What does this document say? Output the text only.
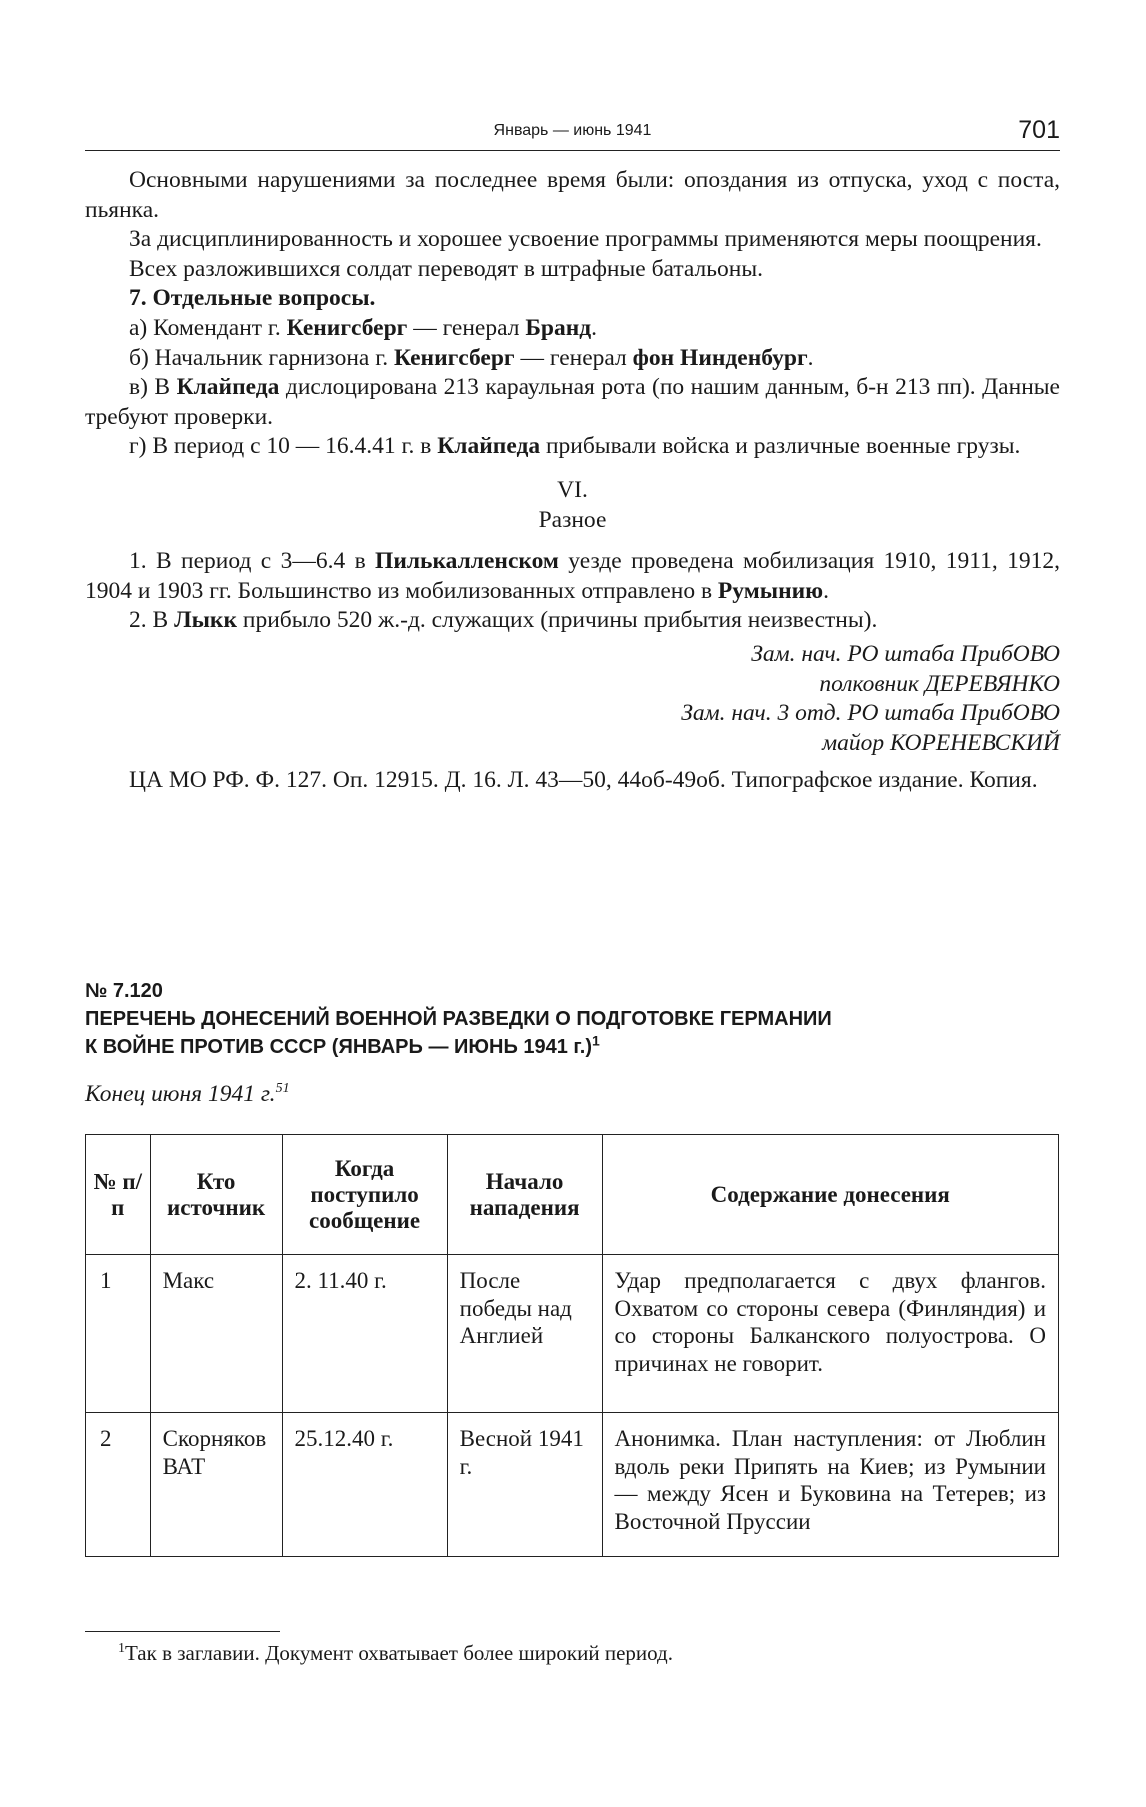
Январь — июнь 1941	701

Основными нарушениями за последнее время были: опоздания из отпуска, уход с поста, пьянка.

За дисциплинированность и хорошее усвоение программы применяются меры поощрения.

Всех разложившихся солдат переводят в штрафные батальоны.

7. Отдельные вопросы.

а) Комендант г. Кенигсберг — генерал Бранд.

б) Начальник гарнизона г. Кенигсберг — генерал фон Нинденбург.

в) В Клайпеда дислоцирована 213 караульная рота (по нашим данным, б-н 213 пп). Данные требуют проверки.

г) В период с 10 — 16.4.41 г. в Клайпеда прибывали войска и различные военные грузы.

VI.

Разное

1. В период с 3—6.4 в Пилькалленском уезде проведена мобилизация 1910, 1911, 1912, 1904 и 1903 гг. Большинство из мобилизованных отправлено в Румынию.

2. В Лыкк прибыло 520 ж.-д. служащих (причины прибытия неизвестны).

Зам. нач. РО штаба ПрибОВО

полковник ДЕРЕВЯНКО

Зам. нач. 3 отд. РО штаба ПрибОВО

майор КОРЕНЕВСКИЙ

ЦА МО РФ. Ф. 127. Оп. 12915. Д. 16. Л. 43—50, 44об-49об. Типографское издание. Копия.

№ 7.120
ПЕРЕЧЕНЬ ДОНЕСЕНИЙ ВОЕННОЙ РАЗВЕДКИ О ПОДГОТОВКЕ ГЕРМАНИИ
К ВОЙНЕ ПРОТИВ СССР (ЯНВАРЬ — ИЮНЬ 1941 г.)$^1$
Конец июня 1941 г.$^{51}$
№ п/п	Кто источник	Когда поступило сообщение	Начало нападения	Содержание донесения
1	Макс	2. 11.40 г.	После победы над Англией	Удар предполагается с двух флангов. Охватом со стороны севера (Финляндия) и со стороны Балканского полуострова. О причинах не говорит.
2	Скорняков ВАТ	25.12.40 г.	Весной 1941 г.	Анонимка. План наступления: от Люблин вдоль реки Припять на Киев; из Румынии — между Ясен и Буковина на Тетерев; из Восточной Пруссии
$^1$Так в заглавии. Документ охватывает более широкий период.
